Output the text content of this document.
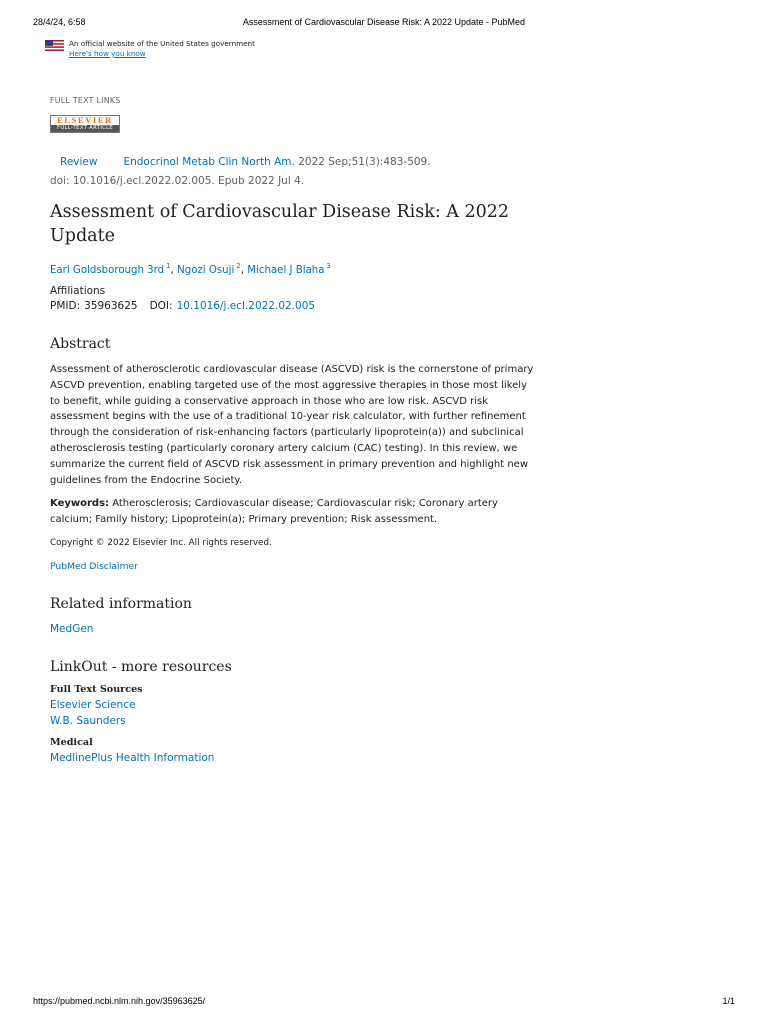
28/4/24, 6:58	Assessment of Cardiovascular Disease Risk: A 2022 Update - PubMed
An official website of the United States government
Here's how you know
FULL TEXT LINKS
ELSEVIER
FULL-TEXT ARTICLE
Review Endocrinol Metab Clin North Am. 2022 Sep;51(3):483-509.
doi: 10.1016/j.ecl.2022.02.005. Epub 2022 Jul 4.
Assessment of Cardiovascular Disease Risk: A 2022 Update
Earl Goldsborough 3rd $^1$, Ngozi Osuji $^2$, Michael J Blaha $^3$
Affiliations
PMID: 35963625 DOI: 10.1016/j.ecl.2022.02.005
Abstract

Assessment of atherosclerotic cardiovascular disease (ASCVD) risk is the cornerstone of primary ASCVD prevention, enabling targeted use of the most aggressive therapies in those most likely to benefit, while guiding a conservative approach in those who are low risk. ASCVD risk assessment begins with the use of a traditional 10-year risk calculator, with further refinement through the consideration of risk-enhancing factors (particularly lipoprotein(a)) and subclinical atherosclerosis testing (particularly coronary artery calcium (CAC) testing). In this review, we summarize the current field of ASCVD risk assessment in primary prevention and highlight new guidelines from the Endocrine Society.

Keywords: Atherosclerosis; Cardiovascular disease; Cardiovascular risk; Coronary artery calcium; Family history; Lipoprotein(a); Primary prevention; Risk assessment.

Copyright © 2022 Elsevier Inc. All rights reserved.
PubMed Disclaimer
Related information
MedGen
LinkOut - more resources
Full Text Sources
Elsevier Science
W.B. Saunders
Medical
MedlinePlus Health Information
https://pubmed.ncbi.nlm.nih.gov/35963625/	1/1
